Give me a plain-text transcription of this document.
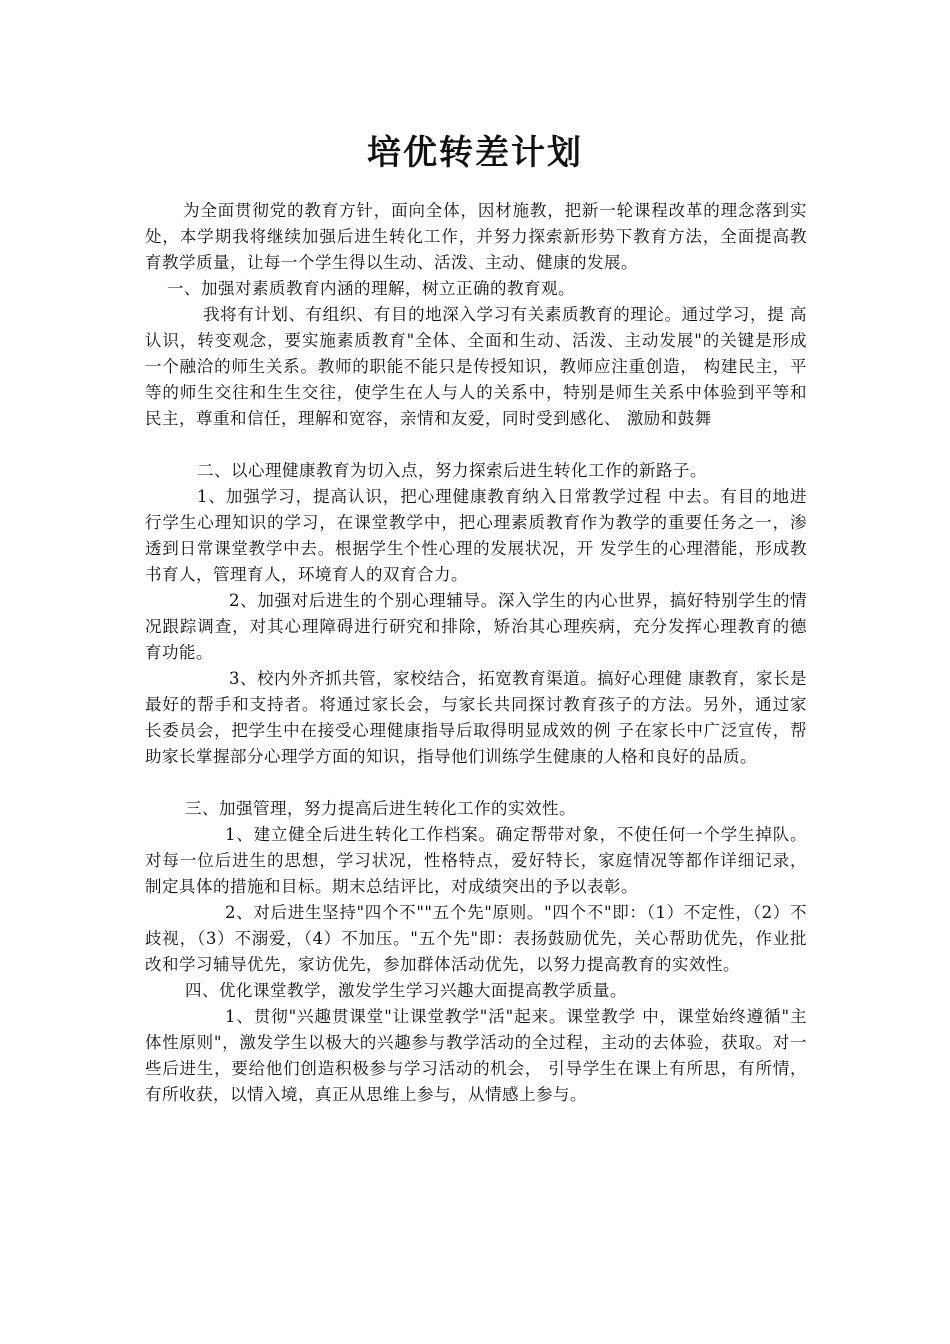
培优转差计划

为全面贯彻党的教育方针，面向全体，因材施教，把新一轮课程改革的理念落到实处，本学期我将继续加强后进生转化工作，并努力探索新形势下教育方法，全面提高教育教学质量，让每一个学生得以生动、活泼、主动、健康的发展。

一、加强对素质教育内涵的理解，树立正确的教育观。

我将有计划、有组织、有目的地深入学习有关素质教育的理论。通过学习，提 高认识，转变观念，要实施素质教育"全体、全面和生动、活泼、主动发展"的关键是形成一个融洽的师生关系。教师的职能不能只是传授知识，教师应注重创造， 构建民主，平等的师生交往和生生交往，使学生在人与人的关系中，特别是师生关系中体验到平等和民主，尊重和信任，理解和宽容，亲情和友爱，同时受到感化、 激励和鼓舞

二、以心理健康教育为切入点，努力探索后进生转化工作的新路子。

1、加强学习，提高认识，把心理健康教育纳入日常教学过程 中去。有目的地进行学生心理知识的学习，在课堂教学中，把心理素质教育作为教学的重要任务之一，渗透到日常课堂教学中去。根据学生个性心理的发展状况，开 发学生的心理潜能，形成教书育人，管理育人，环境育人的双育合力。

2、加强对后进生的个别心理辅导。深入学生的内心世界，搞好特别学生的情况跟踪调查，对其心理障碍进行研究和排除，矫治其心理疾病，充分发挥心理教育的德育功能。

3、校内外齐抓共管，家校结合，拓宽教育渠道。搞好心理健 康教育，家长是最好的帮手和支持者。将通过家长会，与家长共同探讨教育孩子的方法。另外，通过家长委员会，把学生中在接受心理健康指导后取得明显成效的例 子在家长中广泛宣传，帮助家长掌握部分心理学方面的知识，指导他们训练学生健康的人格和良好的品质。

三、加强管理，努力提高后进生转化工作的实效性。

1、建立健全后进生转化工作档案。确定帮带对象，不使任何一个学生掉队。对每一位后进生的思想，学习状况，性格特点，爱好特长，家庭情况等都作详细记录，制定具体的措施和目标。期末总结评比，对成绩突出的予以表彰。

2、对后进生坚持"四个不""五个先"原则。"四个不"即：（1）不定性，（2）不歧视，（3）不溺爱，（4）不加压。"五个先"即：表扬鼓励优先，关心帮助优先，作业批改和学习辅导优先，家访优先，参加群体活动优先，以努力提高教育的实效性。

四、优化课堂教学，激发学生学习兴趣大面提高教学质量。

1、贯彻"兴趣贯课堂"让课堂教学"活"起来。课堂教学 中，课堂始终遵循"主体性原则"，激发学生以极大的兴趣参与教学活动的全过程，主动的去体验，获取。对一些后进生，要给他们创造积极参与学习活动的机会， 引导学生在课上有所思，有所情，有所收获，以情入境，真正从思维上参与，从情感上参与。
